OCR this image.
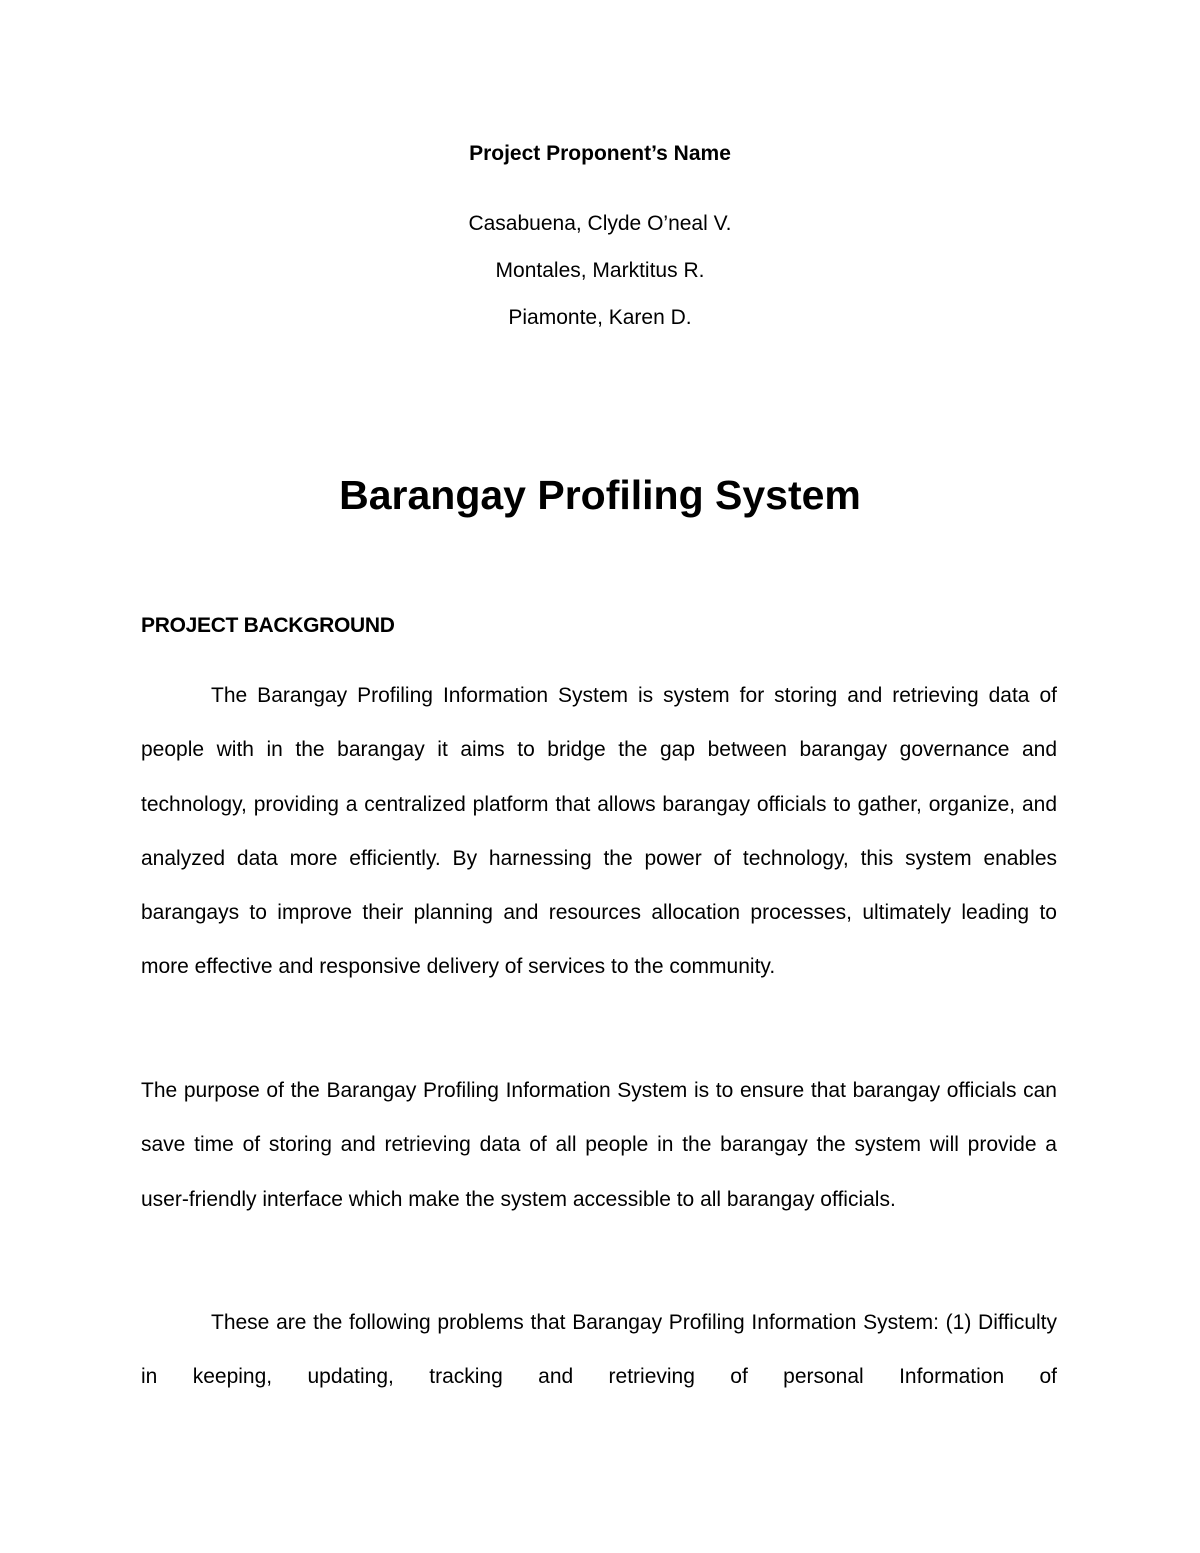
Project Proponent’s Name
Casabuena, Clyde O’neal V.
Montales, Marktitus R.
Piamonte, Karen D.
Barangay Profiling System
PROJECT BACKGROUND

The Barangay Profiling Information System is system for storing and retrieving data of people with in the barangay it aims to bridge the gap between barangay governance and technology, providing a centralized platform that allows barangay officials to gather, organize, and analyzed data more efficiently. By harnessing the power of technology, this system enables barangays to improve their planning and resources allocation processes, ultimately leading to more effective and responsive delivery of services to the community.

The purpose of the Barangay Profiling Information System is to ensure that barangay officials can save time of storing and retrieving data of all people in the barangay the system will provide a user-friendly interface which make the system accessible to all barangay officials.

These are the following problems that Barangay Profiling Information System: (1) Difficulty in keeping, updating, tracking and retrieving of personal Information of
